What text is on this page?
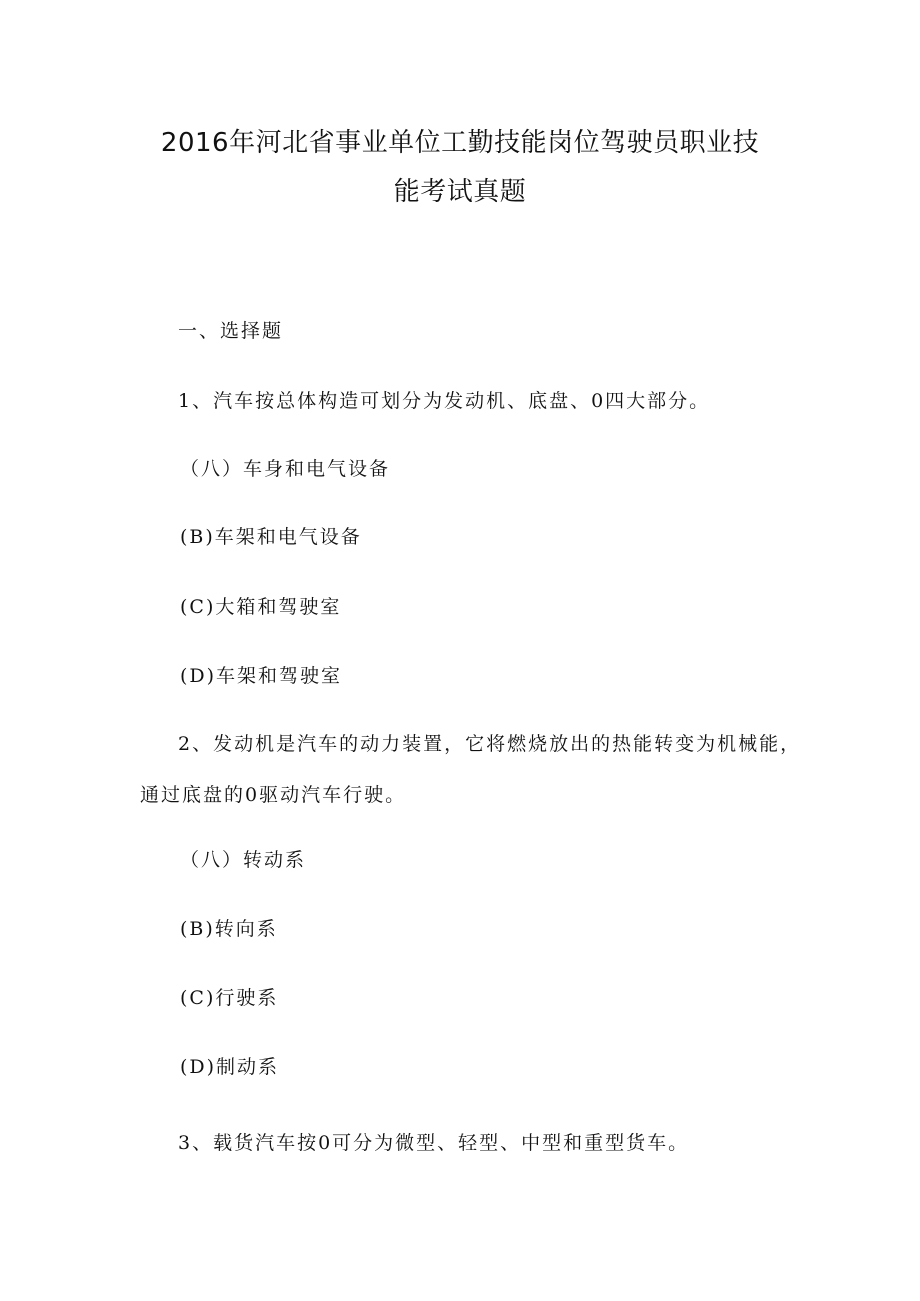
2016年河北省事业单位工勤技能岗位驾驶员职业技
能考试真题
一、选择题
1、汽车按总体构造可划分为发动机、底盘、0四大部分。
（八）车身和电气设备
(B)车架和电气设备
(C)大箱和驾驶室
(D)车架和驾驶室
2、发动机是汽车的动力装置，它将燃烧放出的热能转变为机械能，
通过底盘的0驱动汽车行驶。
（八）转动系
(B)转向系
(C)行驶系
(D)制动系
3、载货汽车按0可分为微型、轻型、中型和重型货车。
